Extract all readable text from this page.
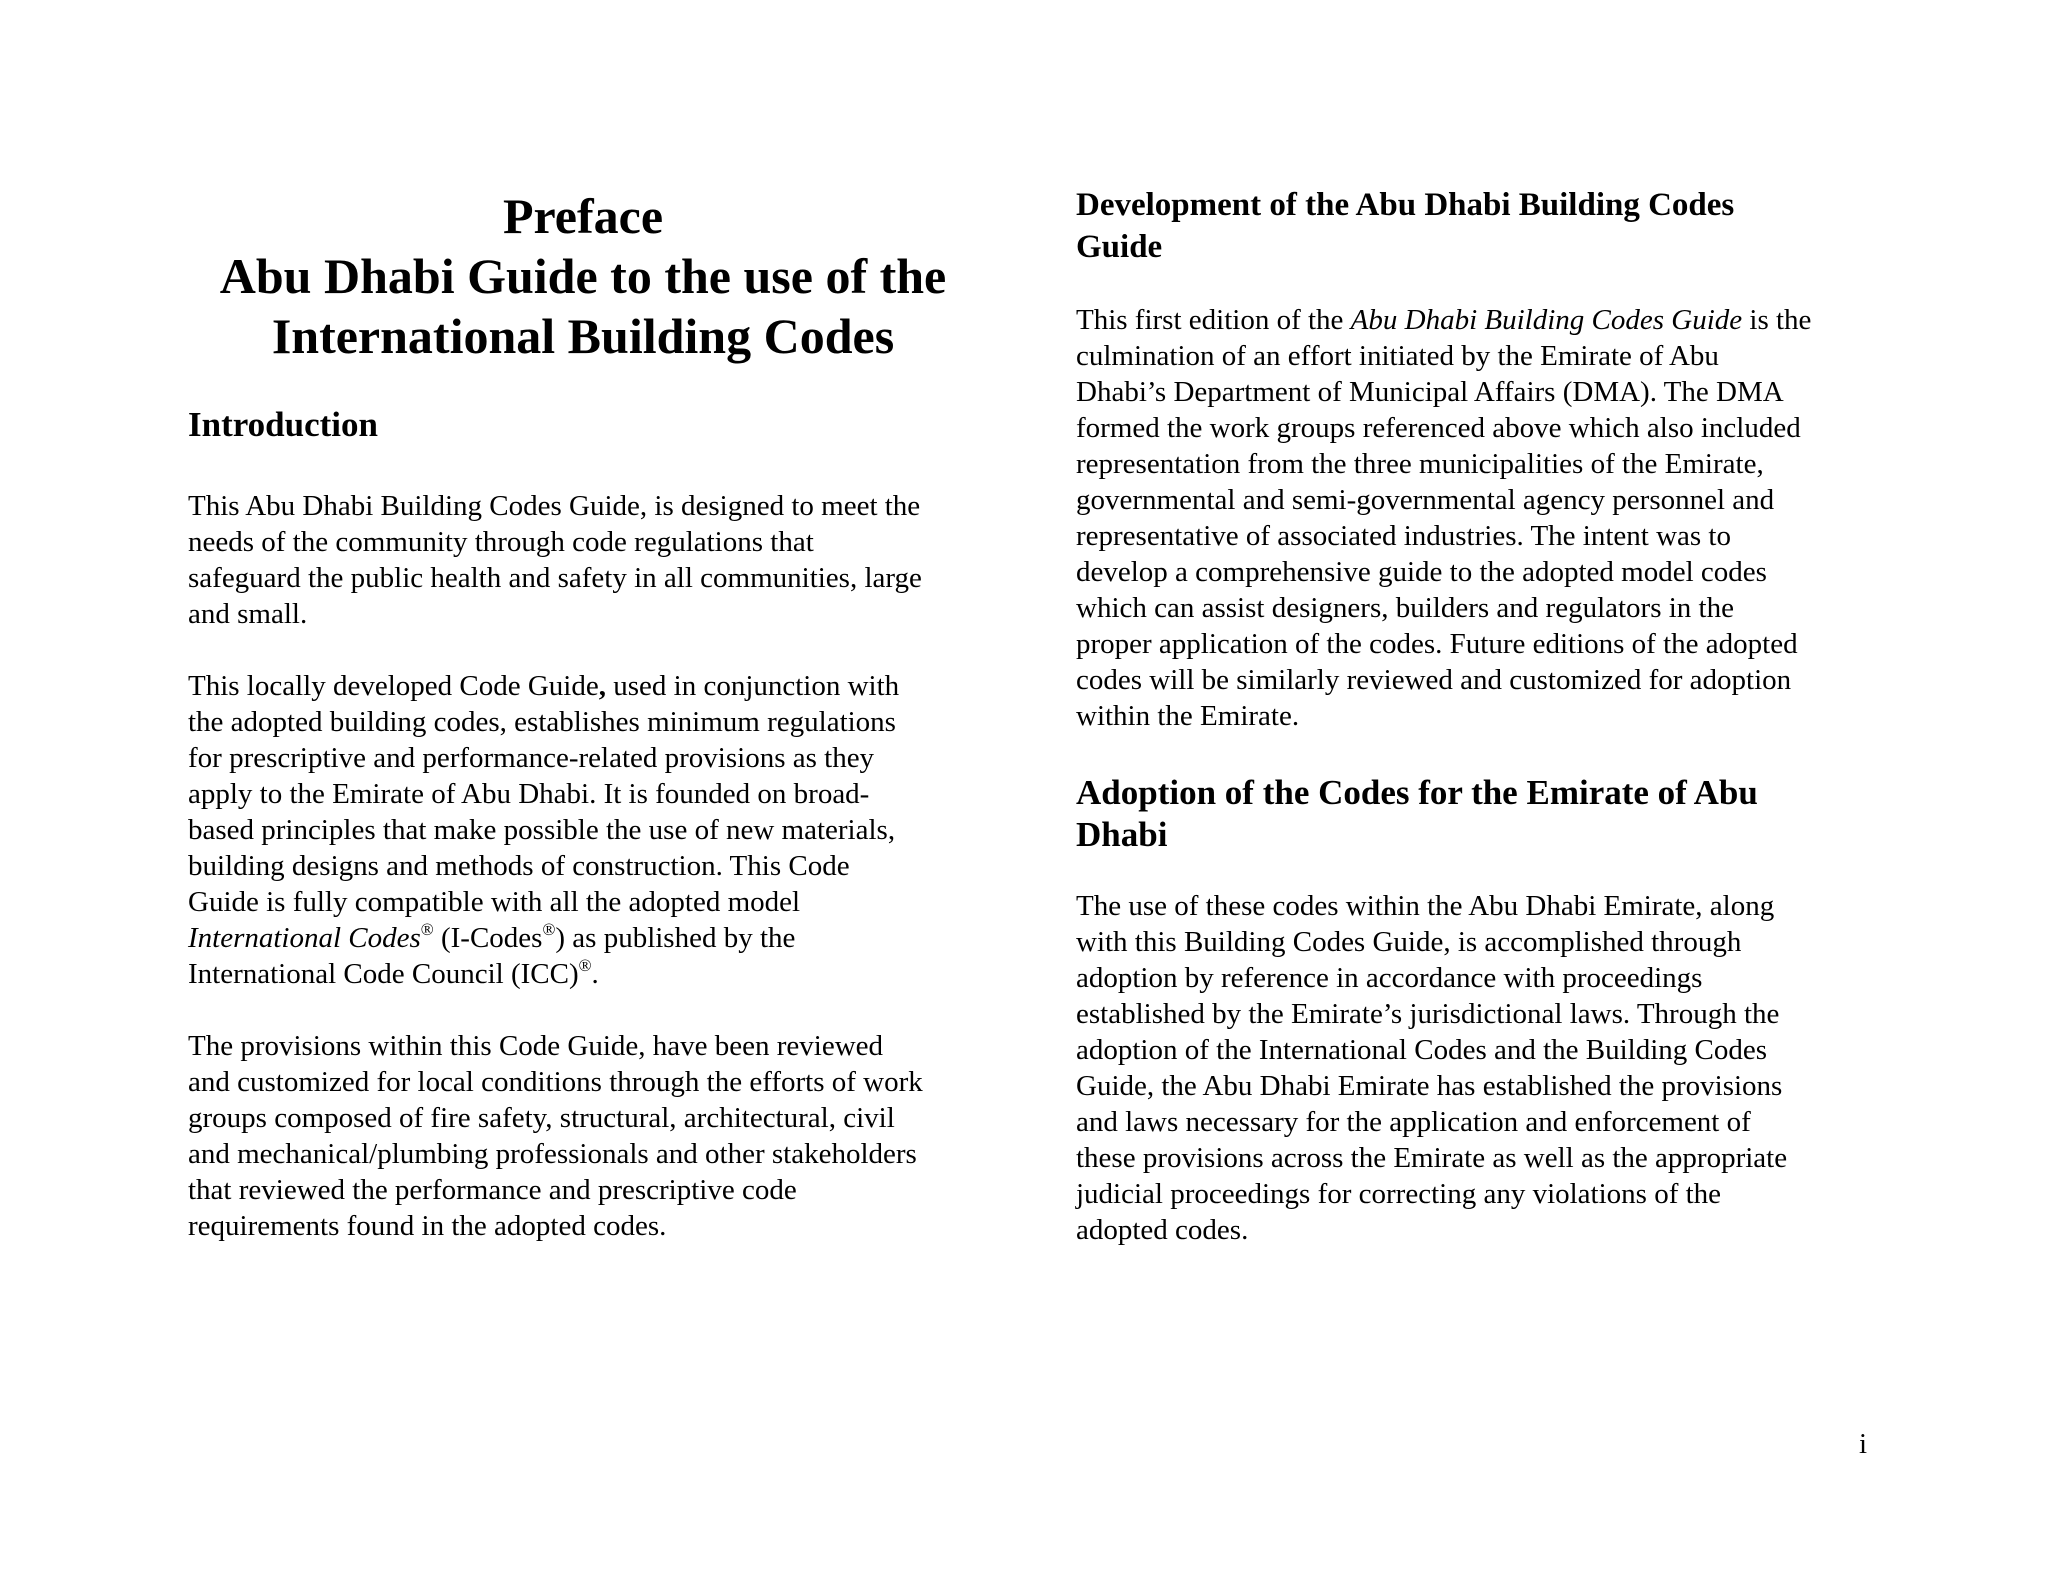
Preface
Abu Dhabi Guide to the use of the
International Building Codes
Introduction

This Abu Dhabi Building Codes Guide, is designed to meet the
needs of the community through code regulations that
safeguard the public health and safety in all communities, large
and small.

This locally developed Code Guide, used in conjunction with
the adopted building codes, establishes minimum regulations
for prescriptive and performance-related provisions as they
apply to the Emirate of Abu Dhabi. It is founded on broad-
based principles that make possible the use of new materials,
building designs and methods of construction. This Code
Guide is fully compatible with all the adopted model
International Codes® (I-Codes®) as published by the
International Code Council (ICC)®.

The provisions within this Code Guide, have been reviewed
and customized for local conditions through the efforts of work
groups composed of fire safety, structural, architectural, civil
and mechanical/plumbing professionals and other stakeholders
that reviewed the performance and prescriptive code
requirements found in the adopted codes.

Development of the Abu Dhabi Building Codes
Guide

This first edition of the Abu Dhabi Building Codes Guide is the
culmination of an effort initiated by the Emirate of Abu
Dhabi’s Department of Municipal Affairs (DMA). The DMA
formed the work groups referenced above which also included
representation from the three municipalities of the Emirate,
governmental and semi-governmental agency personnel and
representative of associated industries. The intent was to
develop a comprehensive guide to the adopted model codes
which can assist designers, builders and regulators in the
proper application of the codes. Future editions of the adopted
codes will be similarly reviewed and customized for adoption
within the Emirate.

Adoption of the Codes for the Emirate of Abu
Dhabi

The use of these codes within the Abu Dhabi Emirate, along
with this Building Codes Guide, is accomplished through
adoption by reference in accordance with proceedings
established by the Emirate’s jurisdictional laws. Through the
adoption of the International Codes and the Building Codes
Guide, the Abu Dhabi Emirate has established the provisions
and laws necessary for the application and enforcement of
these provisions across the Emirate as well as the appropriate
judicial proceedings for correcting any violations of the
adopted codes.

i
